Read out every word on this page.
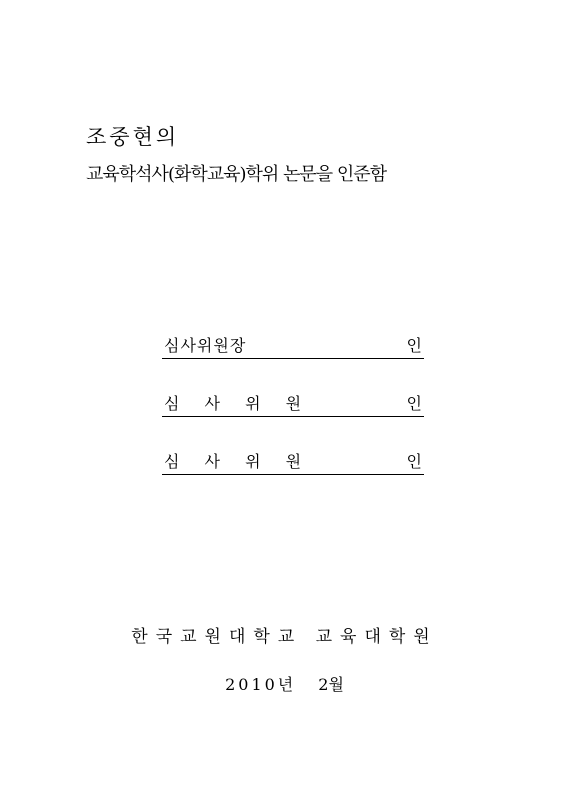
조중현의
교육학석사(화학교육)학위 논문을 인준함
심사위원장	인
심 사 위 원	인
심 사 위 원	인
한국교원대학교 교육대학원
2010년 2월
